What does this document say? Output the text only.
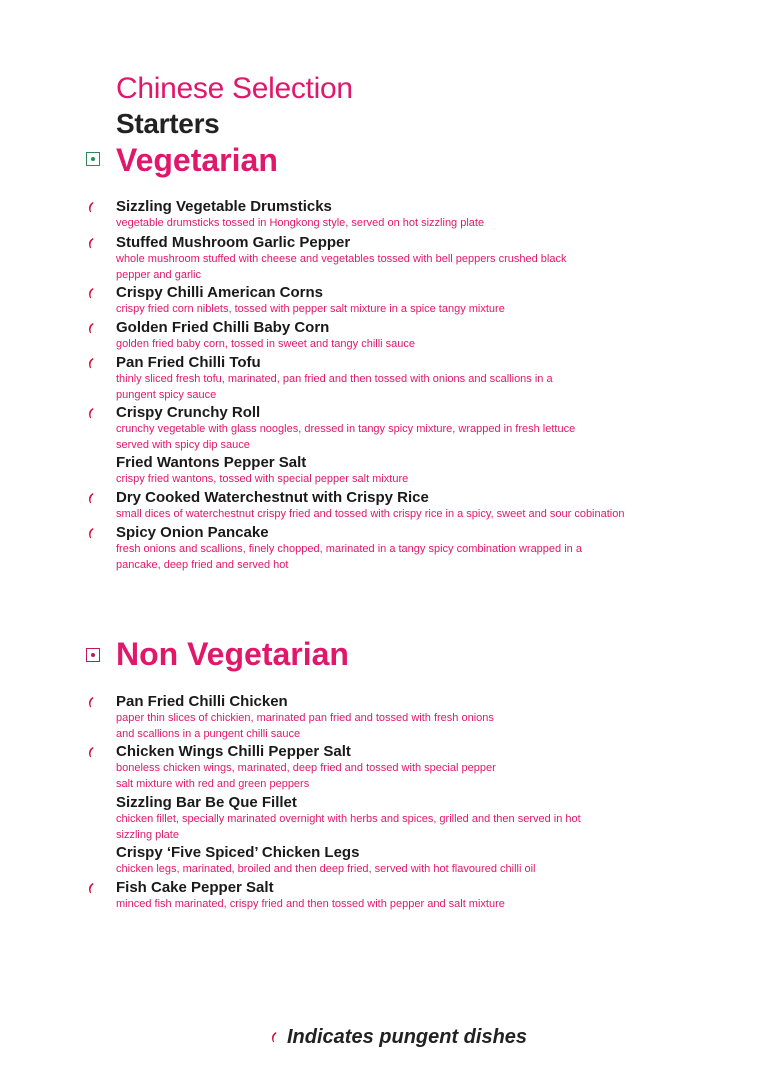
Chinese Selection
Starters
Vegetarian
Sizzling Vegetable Drumsticks
vegetable drumsticks tossed in Hongkong style, served on hot sizzling plate
Stuffed Mushroom Garlic Pepper
whole mushroom stuffed with cheese and vegetables tossed with bell peppers crushed black
pepper and garlic
Crispy Chilli American Corns
crispy fried corn niblets, tossed with pepper salt mixture in a spice tangy mixture
Golden Fried Chilli Baby Corn
golden fried baby corn, tossed in sweet and tangy chilli sauce
Pan Fried Chilli Tofu
thinly sliced fresh tofu, marinated, pan fried and then tossed with onions and scallions in a
pungent spicy sauce
Crispy Crunchy Roll
crunchy vegetable with glass noogles, dressed in tangy spicy mixture, wrapped in fresh lettuce
served with spicy dip sauce
Fried Wantons Pepper Salt
crispy fried wantons, tossed with special pepper salt mixture
Dry Cooked Waterchestnut with Crispy Rice
small dices of waterchestnut crispy fried and tossed with crispy rice in a spicy, sweet and sour cobination
Spicy Onion Pancake
fresh onions and scallions, finely chopped, marinated in a tangy spicy combination wrapped in a
pancake, deep fried and served hot
Non Vegetarian
Pan Fried Chilli Chicken
paper thin slices of chickien, marinated pan fried and tossed with fresh onions
and scallions in a pungent chilli sauce
Chicken Wings Chilli Pepper Salt
boneless chicken wings, marinated, deep fried and tossed with special pepper
salt mixture with red and green peppers
Sizzling Bar Be Que Fillet
chicken fillet, specially marinated overnight with herbs and spices, grilled and then served in hot
sizzling plate
Crispy ‘Five Spiced’ Chicken Legs
chicken legs, marinated, broiled and then deep fried, served with hot flavoured chilli oil
Fish Cake Pepper Salt
minced fish marinated, crispy fried and then tossed with pepper and salt mixture
Indicates pungent dishes
